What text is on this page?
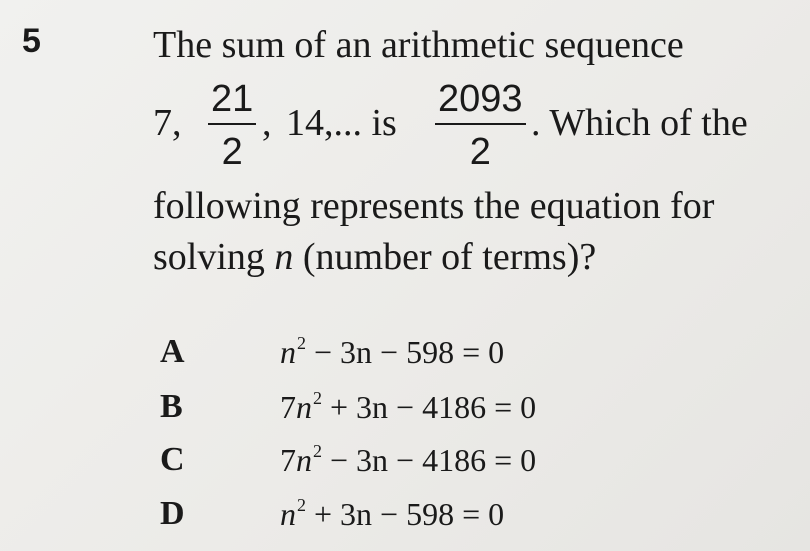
5	The sum of an arithmetic sequence
7,
21
2
, 14,... is
2093
2
. Which of the
following represents the equation for
solving n (number of terms)?
A	$n^2 - 3n - 598 = 0$
B	$7n^2 + 3n - 4186 = 0$
C	$7n^2 - 3n - 4186 = 0$
D	$n^2 + 3n - 598 = 0$
